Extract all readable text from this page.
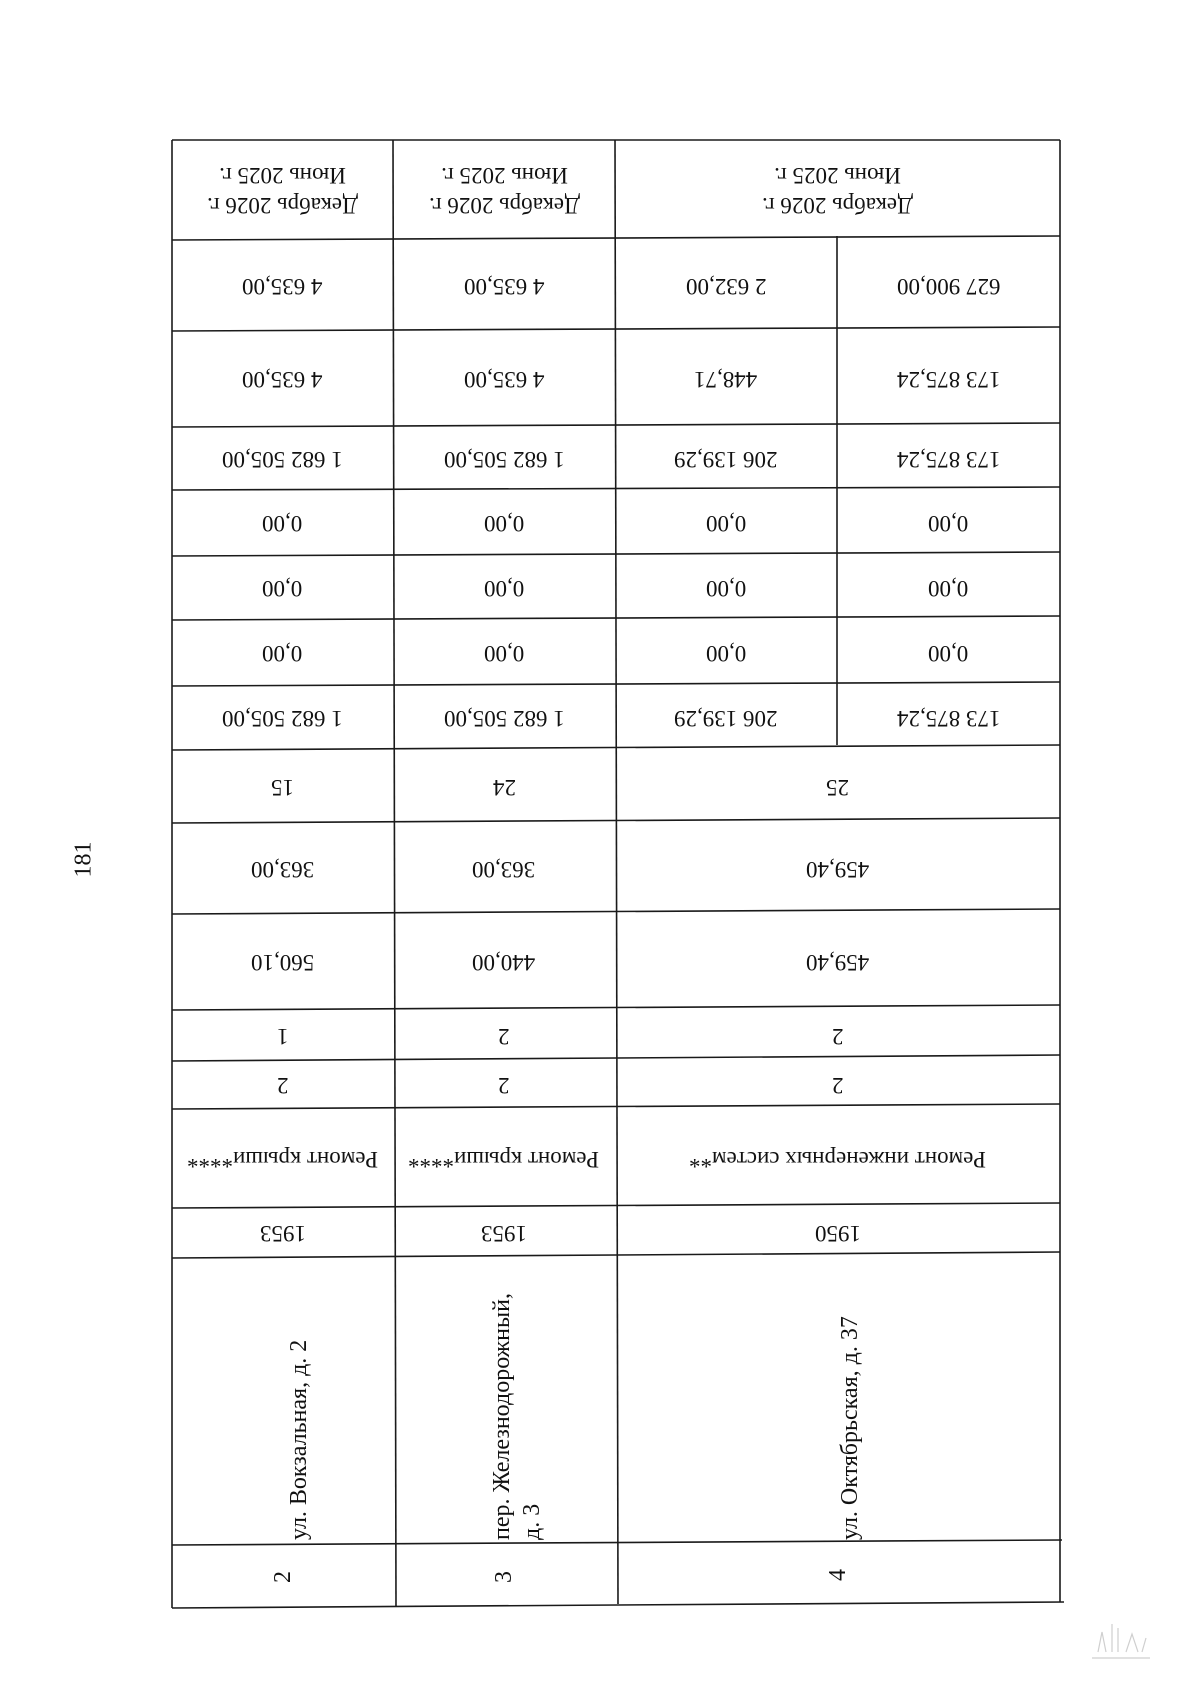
181
Декабрь 2026 г.
Июнь 2025 г.
4 635,00
4 635,00
1 682 505,00
0,00
0,00
0,00
1 682 505,00
15
363,00
560,10
1
2
Ремонт крыши****
1953
ул. Вокзальная, д. 2
2
Декабрь 2026 г.
Июнь 2025 г.
4 635,00
4 635,00
1 682 505,00
0,00
0,00
0,00
1 682 505,00
24
363,00
440,00
2
2
Ремонт крыши****
1953
пер. Железнодорожный, д. 3
3
Декабрь 2026 г.
Июнь 2025 г.
2 632,00
448,71
206 139,29
0,00
0,00
0,00
206 139,29
627 900,00
173 875,24
173 875,24
0,00
0,00
0,00
173 875,24
25
459,40
459,40
2
2
Ремонт инженерных систем**
1950
ул. Октябрьская, д. 37
4
